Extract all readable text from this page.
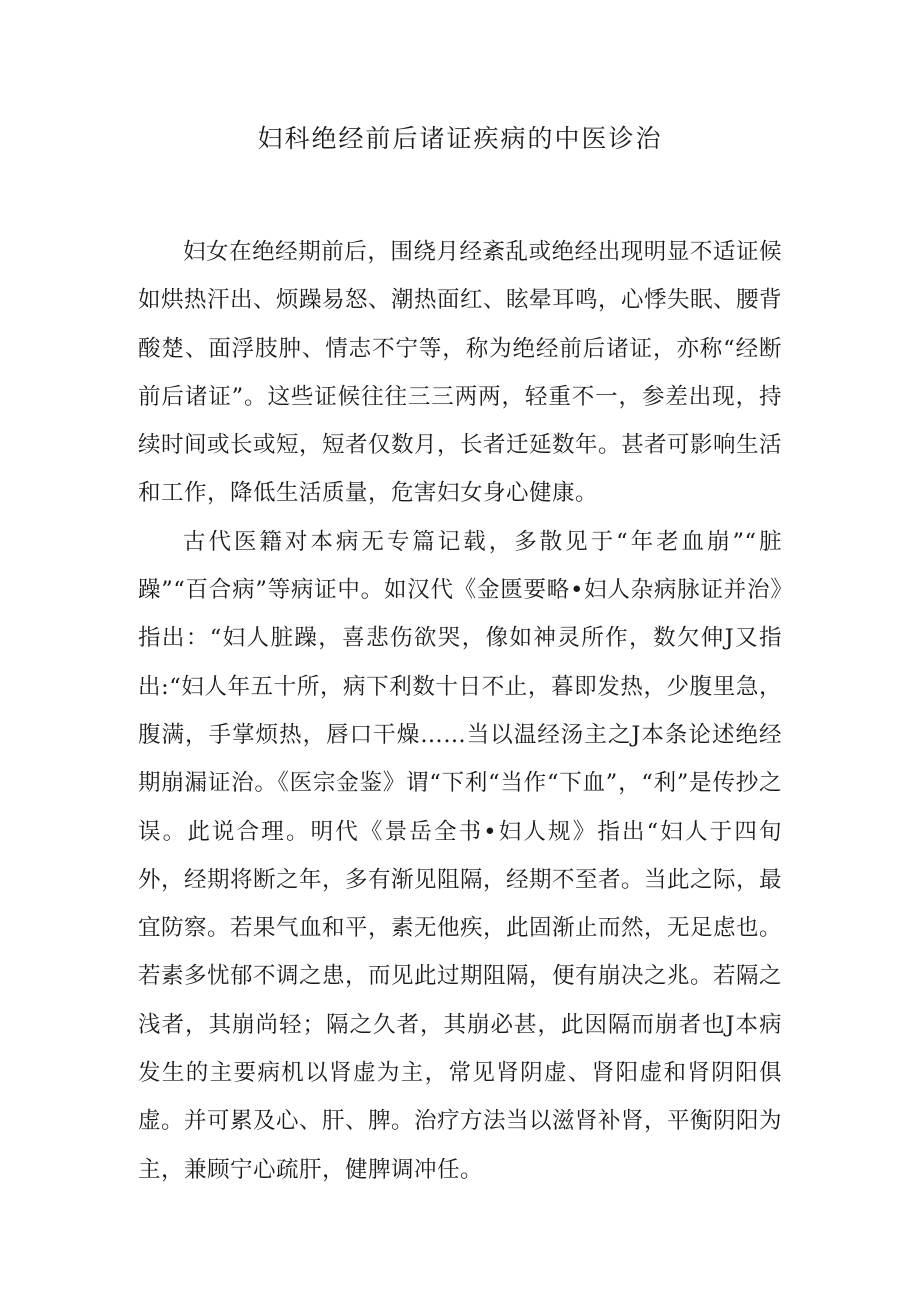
妇科绝经前后诸证疾病的中医诊治

妇女在绝经期前后，围绕月经紊乱或绝经出现明显不适证候如烘热汗出、烦躁易怒、潮热面红、眩晕耳鸣，心悸失眠、腰背酸楚、面浮肢肿、情志不宁等，称为绝经前后诸证，亦称“经断前后诸证”。这些证候往往三三两两，轻重不一，参差出现，持续时间或长或短，短者仅数月，长者迁延数年。甚者可影响生活和工作，降低生活质量，危害妇女身心健康。

古代医籍对本病无专篇记载，多散见于“年老血崩”“脏躁”“百合病”等病证中。如汉代《金匮要略•妇人杂病脉证并治》指出：“妇人脏躁，喜悲伤欲哭，像如神灵所作，数欠伸J又指出:“妇人年五十所，病下利数十日不止，暮即发热，少腹里急，腹满，手掌烦热，唇口干燥……当以温经汤主之J本条论述绝经期崩漏证治。《医宗金鉴》谓“下利“当作“下血”，“利”是传抄之误。此说合理。明代《景岳全书•妇人规》指出“妇人于四旬外，经期将断之年，多有渐见阻隔，经期不至者。当此之际，最宜防察。若果气血和平，素无他疾，此固渐止而然，无足虑也。若素多忧郁不调之患，而见此过期阻隔，便有崩决之兆。若隔之浅者，其崩尚轻；隔之久者，其崩必甚，此因隔而崩者也J本病发生的主要病机以肾虚为主，常见肾阴虚、肾阳虚和肾阴阳俱虚。并可累及心、肝、脾。治疗方法当以滋肾补肾，平衡阴阳为主，兼顾宁心疏肝，健脾调冲任。
